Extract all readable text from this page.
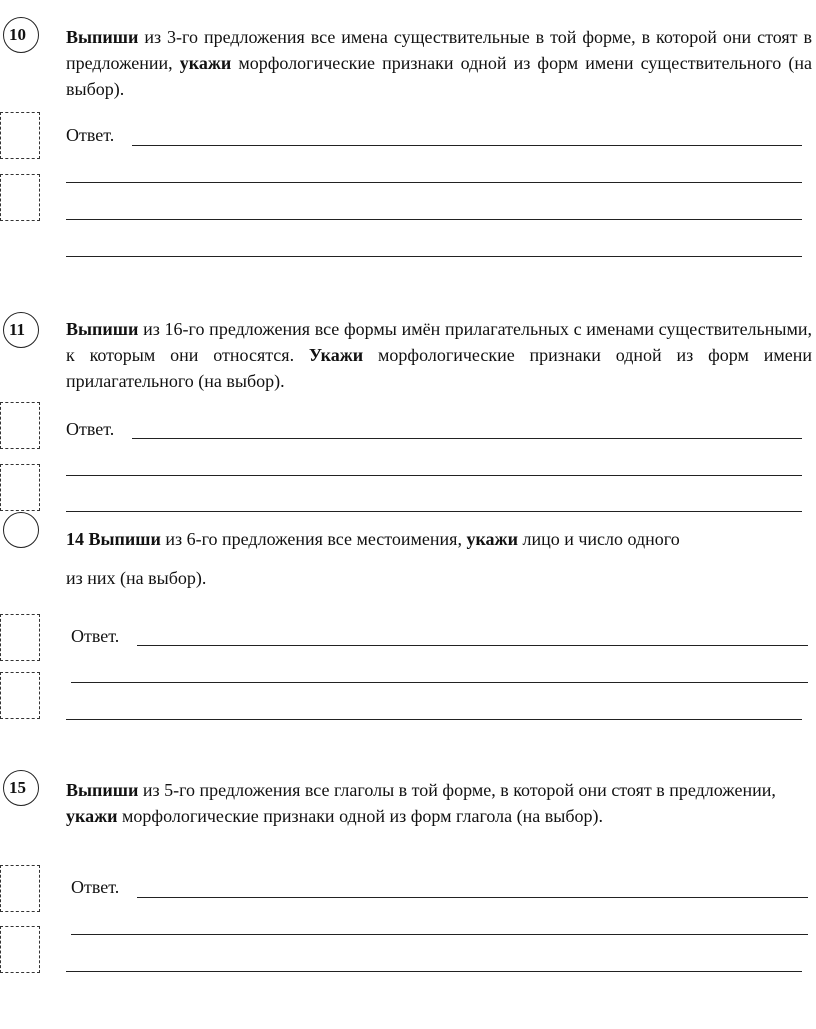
10 Выпиши из 3-го предложения все имена существительные в той форме, в которой они стоят в предложении, укажи морфологические признаки одной из форм имени существительного (на выбор).
Ответ.
11 Выпиши из 16-го предложения все формы имён прилагательных с именами существительными, к которым они относятся. Укажи морфологические признаки одной из форм имени прилагательного (на выбор).
Ответ.
14 Выпиши из 6-го предложения все местоимения, укажи лицо и число одного
из них (на выбор).
Ответ.
15 Выпиши из 5-го предложения все глаголы в той форме, в которой они стоят в предложении, укажи морфологические признаки одной из форм глагола (на выбор).
Ответ.
